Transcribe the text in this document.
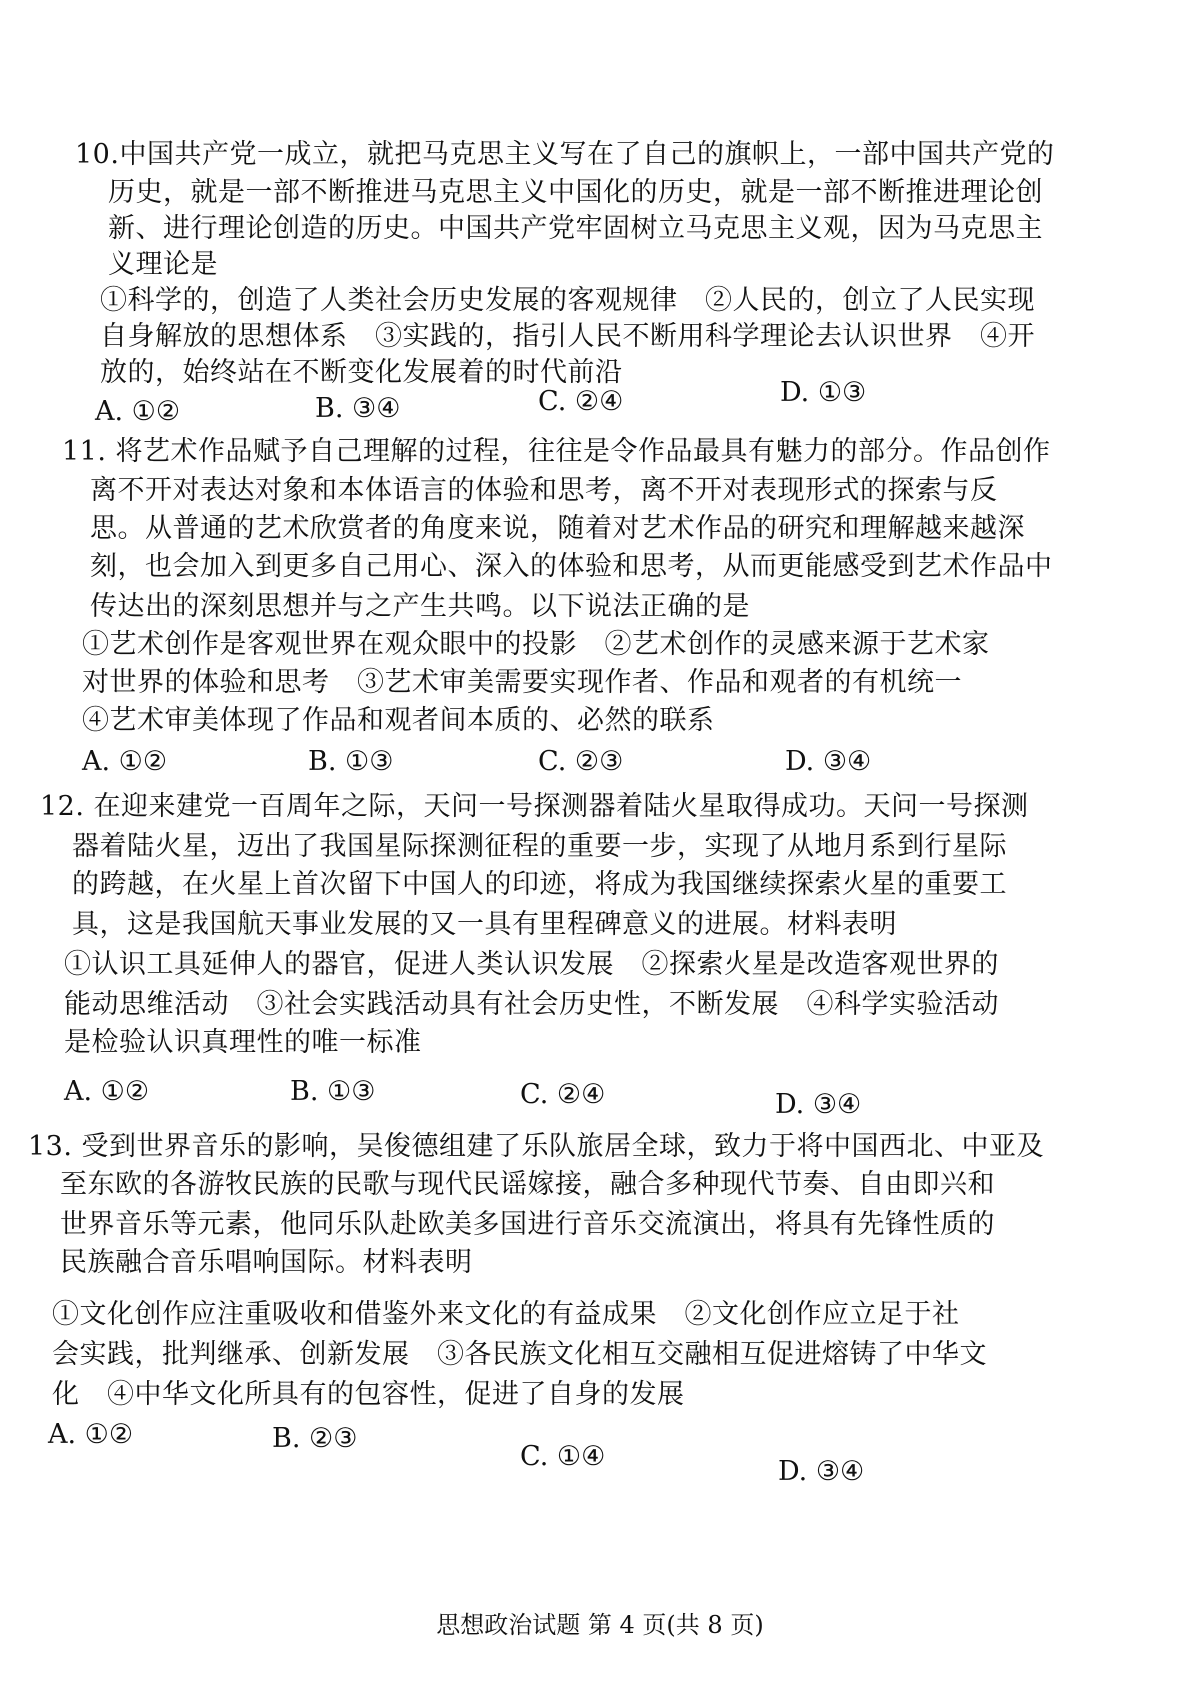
10.中国共产党一成立，就把马克思主义写在了自己的旗帜上，一部中国共产党的
历史，就是一部不断推进马克思主义中国化的历史，就是一部不断推进理论创
新、进行理论创造的历史。中国共产党牢固树立马克思主义观，因为马克思主
义理论是
①科学的，创造了人类社会历史发展的客观规律　②人民的，创立了人民实现
自身解放的思想体系　③实践的，指引人民不断用科学理论去认识世界　④开
放的，始终站在不断变化发展着的时代前沿
A. ①②	B. ③④	C. ②④	D. ①③
11. 将艺术作品赋予自己理解的过程，往往是令作品最具有魅力的部分。作品创作
离不开对表达对象和本体语言的体验和思考，离不开对表现形式的探索与反
思。从普通的艺术欣赏者的角度来说，随着对艺术作品的研究和理解越来越深
刻，也会加入到更多自己用心、深入的体验和思考，从而更能感受到艺术作品中
传达出的深刻思想并与之产生共鸣。以下说法正确的是
①艺术创作是客观世界在观众眼中的投影　②艺术创作的灵感来源于艺术家
对世界的体验和思考　③艺术审美需要实现作者、作品和观者的有机统一
④艺术审美体现了作品和观者间本质的、必然的联系
A. ①②	B. ①③	C. ②③	D. ③④
12. 在迎来建党一百周年之际，天问一号探测器着陆火星取得成功。天问一号探测
器着陆火星，迈出了我国星际探测征程的重要一步，实现了从地月系到行星际
的跨越，在火星上首次留下中国人的印迹，将成为我国继续探索火星的重要工
具，这是我国航天事业发展的又一具有里程碑意义的进展。材料表明
①认识工具延伸人的器官，促进人类认识发展　②探索火星是改造客观世界的
能动思维活动　③社会实践活动具有社会历史性，不断发展　④科学实验活动
是检验认识真理性的唯一标准
A. ①②	B. ①③	C. ②④	D. ③④
13. 受到世界音乐的影响，吴俊德组建了乐队旅居全球，致力于将中国西北、中亚及
至东欧的各游牧民族的民歌与现代民谣嫁接，融合多种现代节奏、自由即兴和
世界音乐等元素，他同乐队赴欧美多国进行音乐交流演出，将具有先锋性质的
民族融合音乐唱响国际。材料表明
①文化创作应注重吸收和借鉴外来文化的有益成果　②文化创作应立足于社
会实践，批判继承、创新发展　③各民族文化相互交融相互促进熔铸了中华文
化　④中华文化所具有的包容性，促进了自身的发展
A. ①②	B. ②③
C. ①④	D. ③④
思想政治试题 第 4 页(共 8 页)
